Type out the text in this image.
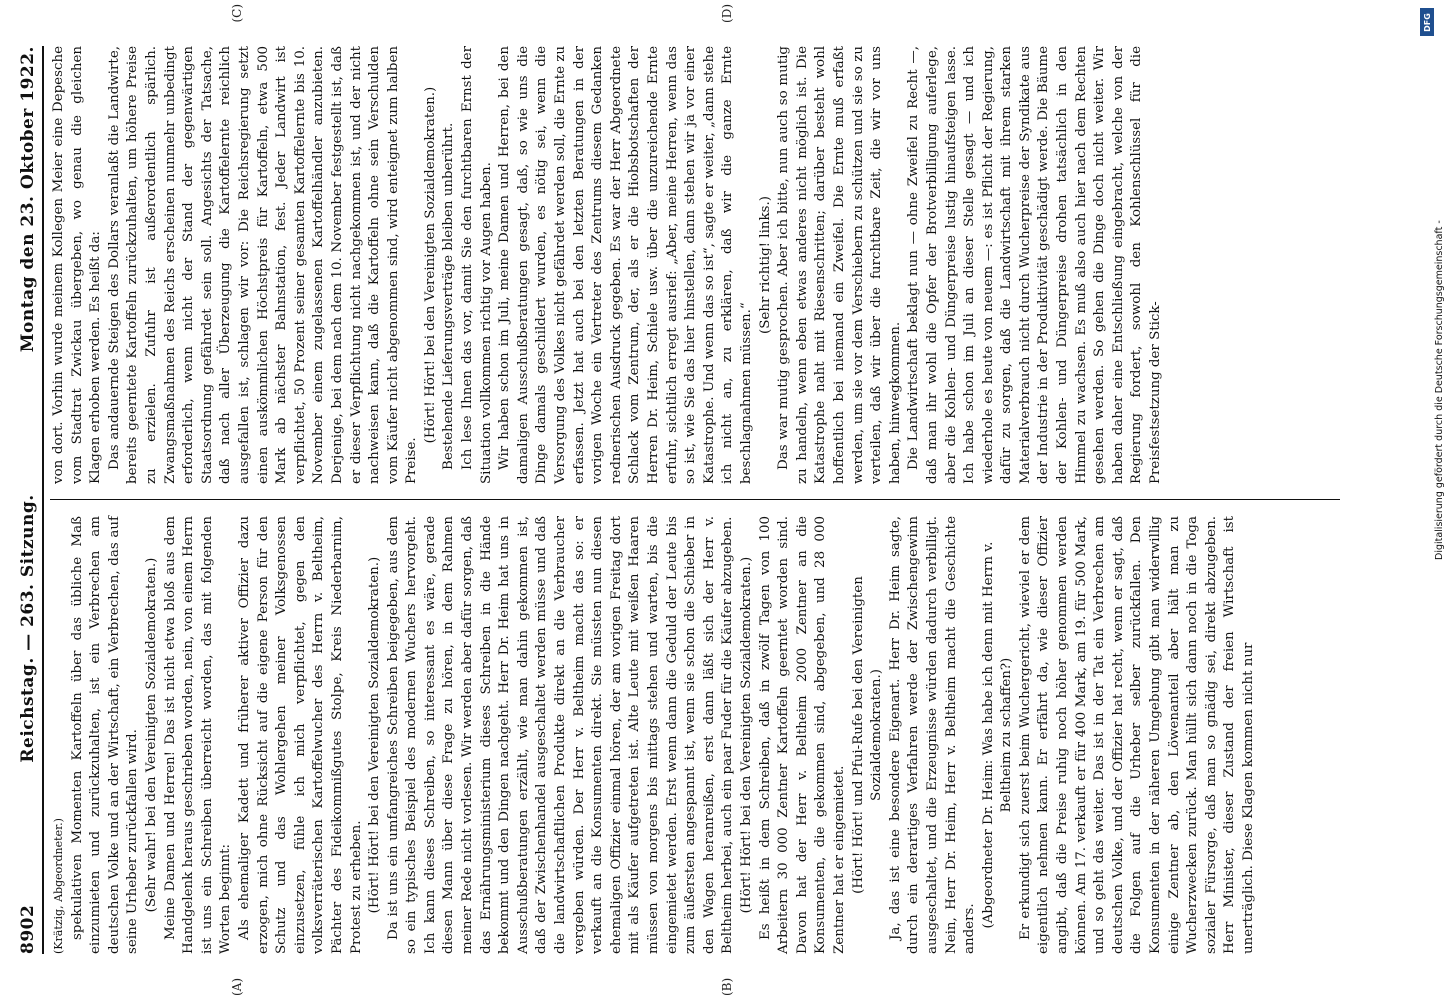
8902
Reichstag. — 263. Sitzung.
Montag den 23. Oktober 1922.

(Krätzig, Abgeordneter.) spekulativen Momenten Kartoffeln über das übliche Maß einzumieten und zurückzuhalten, ist ein Verbrechen am deutschen Volke und an der Wirtschaft, ein Verbrechen, das auf seine Urheber zurückfallen wird. (Sehr wahr! bei den Vereinigten Sozialdemokraten.) Meine Damen und Herren! Das ist nicht etwa bloß aus dem Handgelenk heraus geschrieben worden, nein, von einem Herrn ist uns ein Schreiben überreicht worden, das mit folgenden Worten beginnt: Als ehemaliger Kadett und früherer aktiver Offizier dazu erzogen, mich ohne Rücksicht auf die eigene Person für den Schutz und das Wohlergehen meiner Volksgenossen einzusetzen, fühle ich mich verpflichtet, gegen den volksverräterischen Kartoffelwucher des Herrn v. Beltheim, Pächter des Fideikommißgutes Stolpe, Kreis Niederbarnim, Protest zu erheben. (Hört! Hört! bei den Vereinigten Sozialdemokraten.) Da ist uns ein umfangreiches Schreiben beigegeben, aus dem so ein typisches Beispiel des modernen Wuchers hervorgeht. Ich kann dieses Schreiben, so interessant es wäre, gerade diesen Mann über diese Frage zu hören, in dem Rahmen meiner Rede nicht vorlesen. Wir werden aber dafür sorgen, daß das Ernährungsministerium dieses Schreiben in die Hände bekommt und den Dingen nachgeht. Herr Dr. Heim hat uns in Ausschußberatungen erzählt, wie man dahin gekommen ist, daß der Zwischenhandel ausgeschaltet werden müsse und daß die landwirtschaftlichen Produkte direkt an die Verbraucher vergeben würden. Der Herr v. Beltheim macht das so: er verkauft an die Konsumenten direkt. Sie müssten nun diesen ehemaligen Offizier einmal hören, der am vorigen Freitag dort mit als Käufer aufgetreten ist. Alte Leute mit weißen Haaren müssen von morgens bis mittags stehen und warten, bis die eingemietet werden. Erst wenn dann die Geduld der Leute bis zum äußersten angespannt ist, wenn sie schon die Schieber in den Wagen heranreißen, erst dann läßt sich der Herr v. Beltheim herbei, auch ein paar Fuder für die Käufer abzugeben. (Hört! Hört! bei den Vereinigten Sozialdemokraten.) Es heißt in dem Schreiben, daß in zwölf Tagen von 100 Arbeitern 30 000 Zentner Kartoffeln geerntet worden sind. Davon hat der Herr v. Beltheim 2000 Zentner an die Konsumenten, die gekommen sind, abgegeben, und 28 000 Zentner hat er eingemietet. (Hört! Hört! und Pfui-Rufe bei den Vereinigten Sozialdemokraten.) Ja, das ist eine besondere Eigenart. Herr Dr. Heim sagte, durch ein derartiges Verfahren werde der Zwischengewinn ausgeschaltet, und die Erzeugnisse würden dadurch verbilligt. Nein, Herr Dr. Heim, Herr v. Beltheim macht die Geschichte anders.

(Abgeordneter Dr. Heim: Was habe ich denn mit Herrn v. Beltheim zu schaffen?) Er erkundigt sich zuerst beim Wuchergericht, wieviel er dem eigentlich nehmen kann. Er erfährt da, wie dieser Offizier angibt, daß die Preise ruhig noch höher genommen werden können. Am 17. verkauft er für 400 Mark, am 19. für 500 Mark, und so geht das weiter. Das ist in der Tat ein Verbrechen am deutschen Volke, und der Offizier hat recht, wenn er sagt, daß die Folgen auf die Urheber selber zurückfallen. Den Konsumenten in der näheren Umgebung gibt man widerwillig einige Zentner ab, den Löwenanteil aber hält man zu Wucherzwecken zurück. Man hüllt sich dann noch in die Toga sozialer Fürsorge, daß man so gnädig sei, direkt abzugeben. Herr Minister, dieser Zustand der freien Wirtschaft ist unerträglich. Diese Klagen kommen nicht nur

von dort. Vorhin wurde meinem Kollegen Meier eine Depesche vom Stadtrat Zwickau übergeben, wo genau die gleichen Klagen erhoben werden. Es heißt da: Das andauernde Steigen des Dollars veranlaßt die Landwirte, bereits geerntete Kartoffeln zurückzuhalten, um höhere Preise zu erzielen. Zufuhr ist außerordentlich spärlich. Zwangsmaßnahmen des Reichs erscheinen nunmehr unbedingt erforderlich, wenn nicht der Stand der gegenwärtigen Staatsordnung gefährdet sein soll. Angesichts der Tatsache, daß nach aller Überzeugung die Kartoffelernte reichlich ausgefallen ist, schlagen wir vor: Die Reichsregierung setzt einen auskömmlichen Höchstpreis für Kartoffeln, etwa 500 Mark ab nächster Bahnstation, fest. Jeder Landwirt ist verpflichtet, 50 Prozent seiner gesamten Kartoffelernte bis 10. November einem zugelassenen Kartoffelhändler anzubieten. Derjenige, bei dem nach dem 10. November festgestellt ist, daß er dieser Verpflichtung nicht nachgekommen ist, und der nicht nachweisen kann, daß die Kartoffeln ohne sein Verschulden vom Käufer nicht abgenommen sind, wird enteignet zum halben Preise.

(Hört! Hört! bei den Vereinigten Sozialdemokraten.) Bestehende Lieferungsverträge bleiben unberührt. Ich lese Ihnen das vor, damit Sie den furchtbaren Ernst der Situation vollkommen richtig vor Augen haben. Wir haben schon im Juli, meine Damen und Herren, bei den damaligen Ausschußberatungen gesagt, daß, so wie uns die Dinge damals geschildert wurden, es nötig sei, wenn die Versorgung des Volkes nicht gefährdet werden soll, die Ernte zu erfassen. Jetzt hat auch bei den letzten Beratungen in der vorigen Woche ein Vertreter des Zentrums diesem Gedanken rednerischen Ausdruck gegeben. Es war der Herr Abgeordnete Schlack vom Zentrum, der, als er die Hiobsbotschaften der Herren Dr. Heim, Schiele usw. über die unzureichende Ernte erfuhr, sichtlich erregt ausrief: „Aber, meine Herren, wenn das so ist, wie Sie das hier hinstellen, dann stehen wir ja vor einer Katastrophe. Und wenn das so ist“, sagte er weiter, „dann stehe ich nicht an, zu erklären, daß wir die ganze Ernte beschlagnahmen müssen.“

(Sehr richtig! links.) Das war mutig gesprochen. Aber ich bitte, nun auch so mutig zu handeln, wenn eben etwas anderes nicht möglich ist. Die Katastrophe naht mit Riesenschritten; darüber besteht wohl hoffentlich bei niemand ein Zweifel. Die Ernte muß erfaßt werden, um sie vor dem Verschiebern zu schützen und sie so zu verteilen, daß wir über die furchtbare Zeit, die wir vor uns haben, hinwegkommen. Die Landwirtschaft beklagt nun — ohne Zweifel zu Recht —, daß man ihr wohl die Opfer der Brotverbilligung auferlege, aber die Kohlen- und Düngerpreise lustig hinaufsteigen lasse. Ich habe schon im Juli an dieser Stelle gesagt — und ich wiederhole es heute von neuem —: es ist Pflicht der Regierung, dafür zu sorgen, daß die Landwirtschaft mit ihrem starken Materialverbrauch nicht durch Wucherpreise der Syndikate aus der Industrie in der Produktivität geschädigt werde. Die Bäume der Kohlen- und Düngerpreise drohen tatsächlich in den Himmel zu wachsen. Es muß also auch hier nach dem Rechten gesehen werden. So gehen die Dinge doch nicht weiter. Wir haben daher eine Entschließung eingebracht, welche von der Regierung fordert, sowohl den Kohlenschlüssel für die Preisfestsetzung der Stick-

(A)	(B)
(C)	(D)	DFG
Digitalisierung gefördert durch die Deutsche Forschungsgemeinschaft -
